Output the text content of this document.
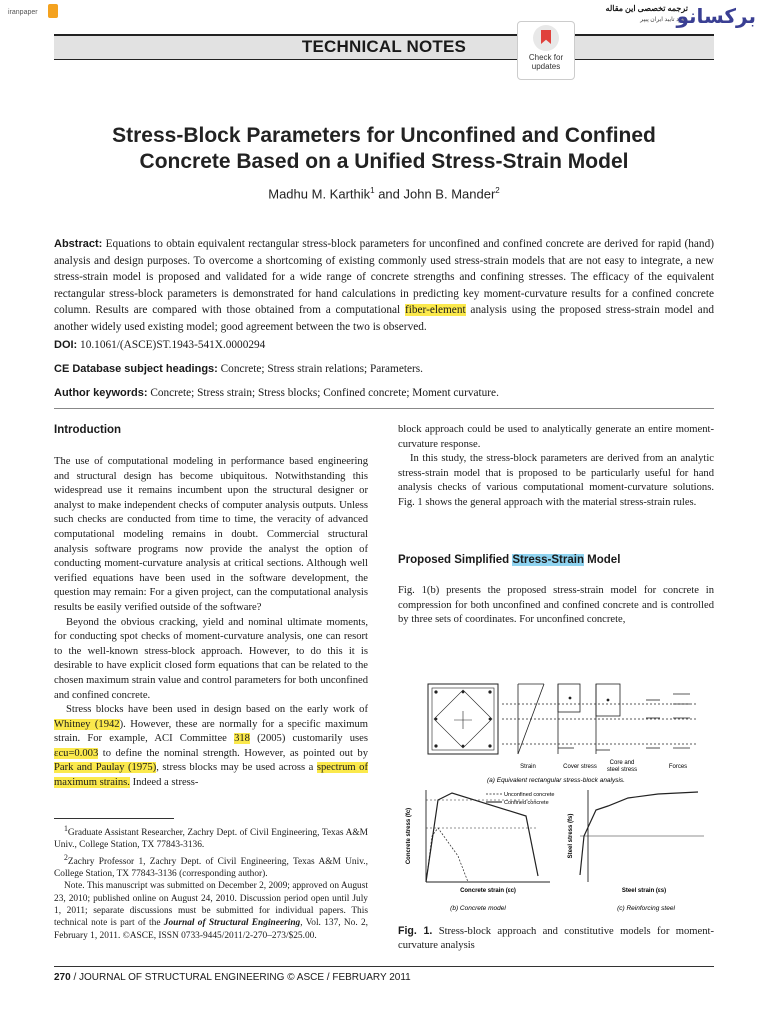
iranpaper	ترجمه تخصصی این مقاله
مورد تایید ایران پیپر
برکسانو
TECHNICAL NOTES
Check for
updates
Stress-Block Parameters for Unconfined and Confined
Concrete Based on a Unified Stress-Strain Model
Madhu M. Karthik$^1$ and John B. Mander$^2$
Abstract: Equations to obtain equivalent rectangular stress-block parameters for unconfined and confined concrete are derived for rapid (hand) analysis and design purposes. To overcome a shortcoming of existing commonly used stress-strain models that are not easy to integrate, a new stress-strain model is proposed and validated for a wide range of concrete strengths and confining stresses. The efficacy of the equivalent rectangular stress-block parameters is demonstrated for hand calculations in predicting key moment-curvature results for a confined concrete column. Results are compared with those obtained from a computational fiber-element analysis using the proposed stress-strain model and another widely used existing model; good agreement between the two is observed.
DOI: 10.1061/(ASCE)ST.1943-541X.0000294
CE Database subject headings: Concrete; Stress strain relations; Parameters.
Author keywords: Concrete; Stress strain; Stress blocks; Confined concrete; Moment curvature.
Introduction

The use of computational modeling in performance based engineering and structural design has become ubiquitous. Notwithstanding this widespread use it remains incumbent upon the structural designer or analyst to make independent checks of computer analysis outputs. Unless such checks are conducted from time to time, the veracity of advanced computational modeling remains in doubt. Commercial structural analysis software programs now provide the analyst the option of conducting moment-curvature analysis at critical sections. Although well verified equations have been used in the software development, the question may remain: For a given project, can the computational analysis results be easily verified outside of the software?

Beyond the obvious cracking, yield and nominal ultimate moments, for conducting spot checks of moment-curvature analysis, one can resort to the well-known stress-block approach. However, to do this it is desirable to have explicit closed form equations that can be related to the chosen maximum strain value and control parameters for both unconfined and confined concrete.

Stress blocks have been used in design based on the early work of Whitney (1942). However, these are normally for a specific maximum strain. For example, ACI Committee 318 (2005) customarily uses εcu=0.003 to define the nominal strength. However, as pointed out by Park and Paulay (1975), stress blocks may be used across a spectrum of maximum strains. Indeed a stress-

$^1$Graduate Assistant Researcher, Zachry Dept. of Civil Engineering, Texas A&M Univ., College Station, TX 77843-3136.

$^2$Zachry Professor 1, Zachry Dept. of Civil Engineering, Texas A&M Univ., College Station, TX 77843-3136 (corresponding author).

Note. This manuscript was submitted on December 2, 2009; approved on August 23, 2010; published online on August 24, 2010. Discussion period open until July 1, 2011; separate discussions must be submitted for individual papers. This technical note is part of the Journal of Structural Engineering, Vol. 137, No. 2, February 1, 2011. ©ASCE, ISSN 0733-9445/2011/2-270–273/$25.00.

block approach could be used to analytically generate an entire moment-curvature response.

In this study, the stress-block parameters are derived from an analytic stress-strain model that is proposed to be particularly useful for hand analysis checks of various computational moment-curvature solutions. Fig. 1 shows the general approach with the material stress-strain rules.

Proposed Simplified Stress-Strain Model

Fig. 1(b) presents the proposed stress-strain model for concrete in compression for both unconfined and confined concrete and is controlled by three sets of coordinates. For unconfined concrete,

Strain	Cover stress
Core and
steel stress	Forces
(a) Equivalent rectangular stress-block analysis.
Unconfined concrete
Confined concrete
Concrete strain (εc)
Concrete stress (fc)
(b) Concrete model
Steel strain (εs)
Steel stress (fs)
(c) Reinforcing steel
Fig. 1. Stress-block approach and constitutive models for moment-curvature analysis
270 / JOURNAL OF STRUCTURAL ENGINEERING © ASCE / FEBRUARY 2011
